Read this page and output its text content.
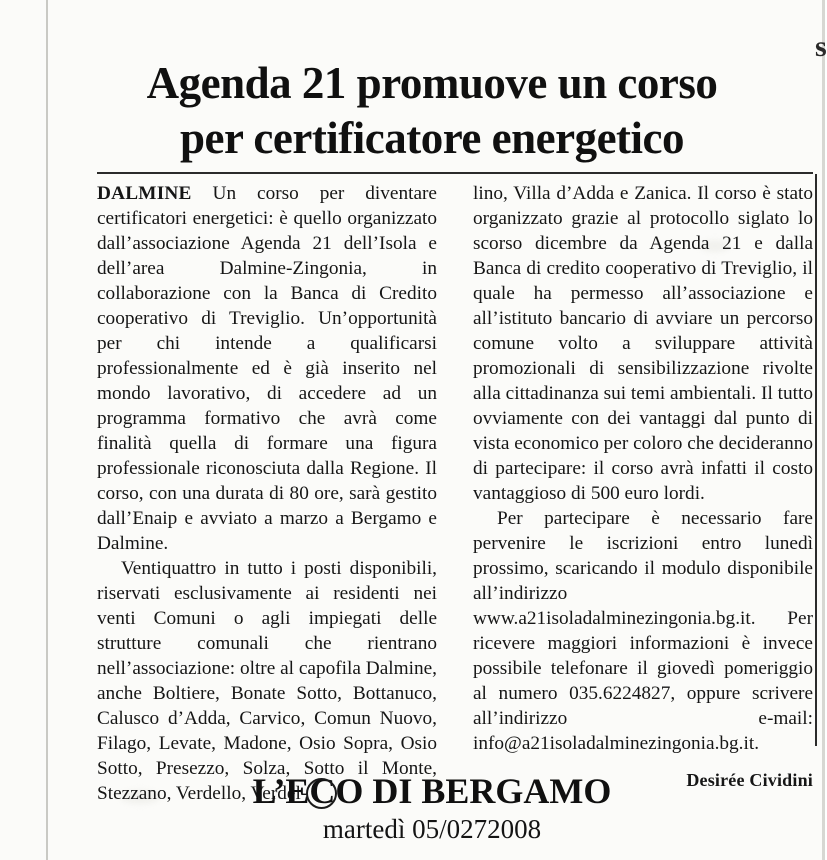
s
Agenda 21 promuove un corso
per certificatore energetico

DALMINE Un corso per diventare certificatori energetici: è quello organizzato dall’associazione Agenda 21 dell’Isola e dell’area Dalmine-Zingonia, in collaborazione con la Banca di Credito cooperativo di Treviglio. Un’opportunità per chi intende a qualificarsi professionalmente ed è già inserito nel mondo lavorativo, di accedere ad un programma formativo che avrà come finalità quella di formare una figura professionale riconosciuta dalla Regione. Il corso, con una durata di 80 ore, sarà gestito dall’Enaip e avviato a marzo a Bergamo e Dalmine.

Ventiquattro in tutto i posti disponibili, riservati esclusivamente ai residenti nei venti Comuni o agli impiegati delle strutture comunali che rientrano nell’associazione: oltre al capofila Dalmine, anche Boltiere, Bonate Sotto, Bottanuco, Calusco d’Adda, Carvico, Comun Nuovo, Filago, Levate, Madone, Osio Sopra, Osio Sotto, Presezzo, Solza, Sotto il Monte, Stezzano, Verdello, Verdel-

lino, Villa d’Adda e Zanica. Il corso è stato organizzato grazie al protocollo siglato lo scorso dicembre da Agenda 21 e dalla Banca di credito cooperativo di Treviglio, il quale ha permesso all’associazione e all’istituto bancario di avviare un percorso comune volto a sviluppare attività promozionali di sensibilizzazione rivolte alla cittadinanza sui temi ambientali. Il tutto ovviamente con dei vantaggi dal punto di vista economico per coloro che decideranno di partecipare: il corso avrà infatti il costo vantaggioso di 500 euro lordi.

Per partecipare è necessario fare pervenire le iscrizioni entro lunedì prossimo, scaricando il modulo disponibile all’indirizzo www.a21isoladalminezingonia.bg.it. Per ricevere maggiori informazioni è invece possibile telefonare il giovedì pomeriggio al numero 035.6224827, oppure scrivere all’indirizzo e-mail: info@a21isoladalminezingonia.bg.it.

Desirée Cividini
L’ECO DI BERGAMO
martedì 05/0272008
